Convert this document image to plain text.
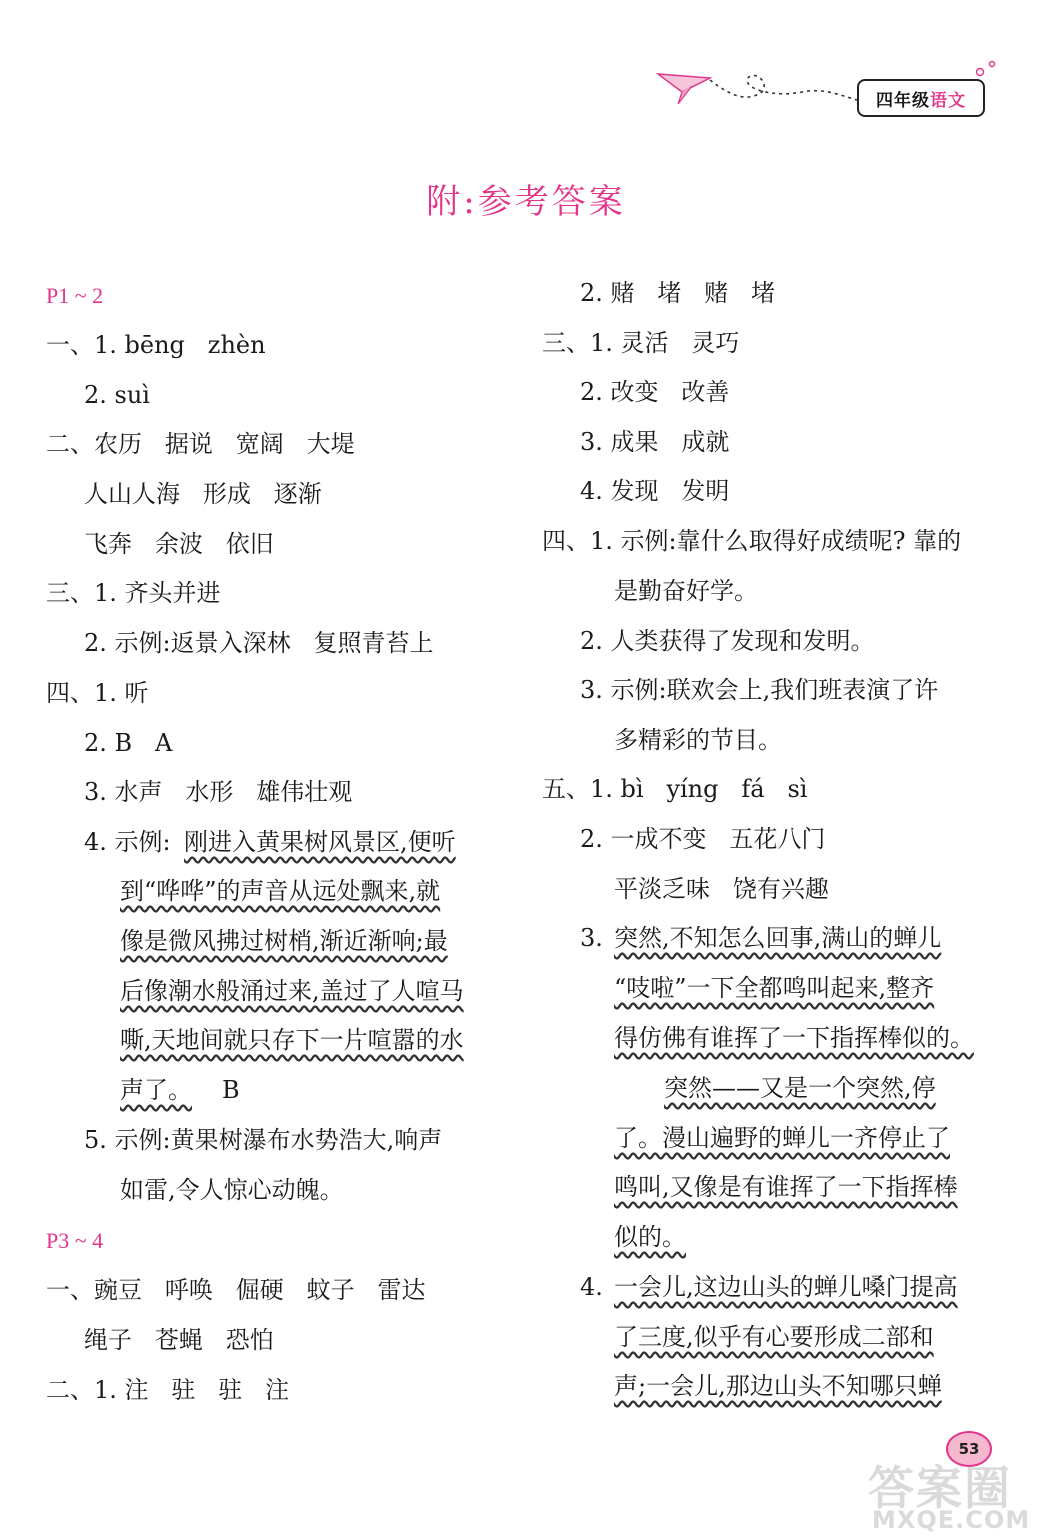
四年级 语文
附:参考答案
P1 ~ 2
一、1. bēng   zhèn
2. suì
二、农历   据说   宽阔   大堤
人山人海   形成   逐渐
飞奔   余波   依旧
三、1. 齐头并进
2. 示例:返景入深林   复照青苔上
四、1. 听
2. B   A
3. 水声   水形   雄伟壮观
4. 示例: 刚进入黄果树风景区,便听
到“哗哗”的声音从远处飘来,就
像是微风拂过树梢,渐近渐响;最
后像潮水般涌过来,盖过了人喧马
嘶,天地间就只存下一片喧嚣的水
声了。 B
5. 示例:黄果树瀑布水势浩大,响声
如雷,令人惊心动魄。
P3 ~ 4
一、豌豆   呼唤   倔硬   蚊子   雷达
绳子   苍蝇   恐怕
二、1. 注   驻   驻   注
2. 赌   堵   赌   堵
三、1. 灵活   灵巧
2. 改变   改善
3. 成果   成就
4. 发现   发明
四、1. 示例:靠什么取得好成绩呢? 靠的
是勤奋好学。
2. 人类获得了发现和发明。
3. 示例:联欢会上,我们班表演了许
多精彩的节目。
五、1. bì   yíng   fá   sì
2. 一成不变   五花八门
平淡乏味   饶有兴趣
3. 突然,不知怎么回事,满山的蝉儿
“吱啦”一下全都鸣叫起来,整齐
得仿佛有谁挥了一下指挥棒似的。
突然——又是一个突然,停
了。漫山遍野的蝉儿一齐停止了
鸣叫,又像是有谁挥了一下指挥棒
似的。
4. 一会儿,这边山头的蝉儿嗓门提高
了三度,似乎有心要形成二部和
声;一会儿,那边山头不知哪只蝉
53
答案圈
MXQE.COM
